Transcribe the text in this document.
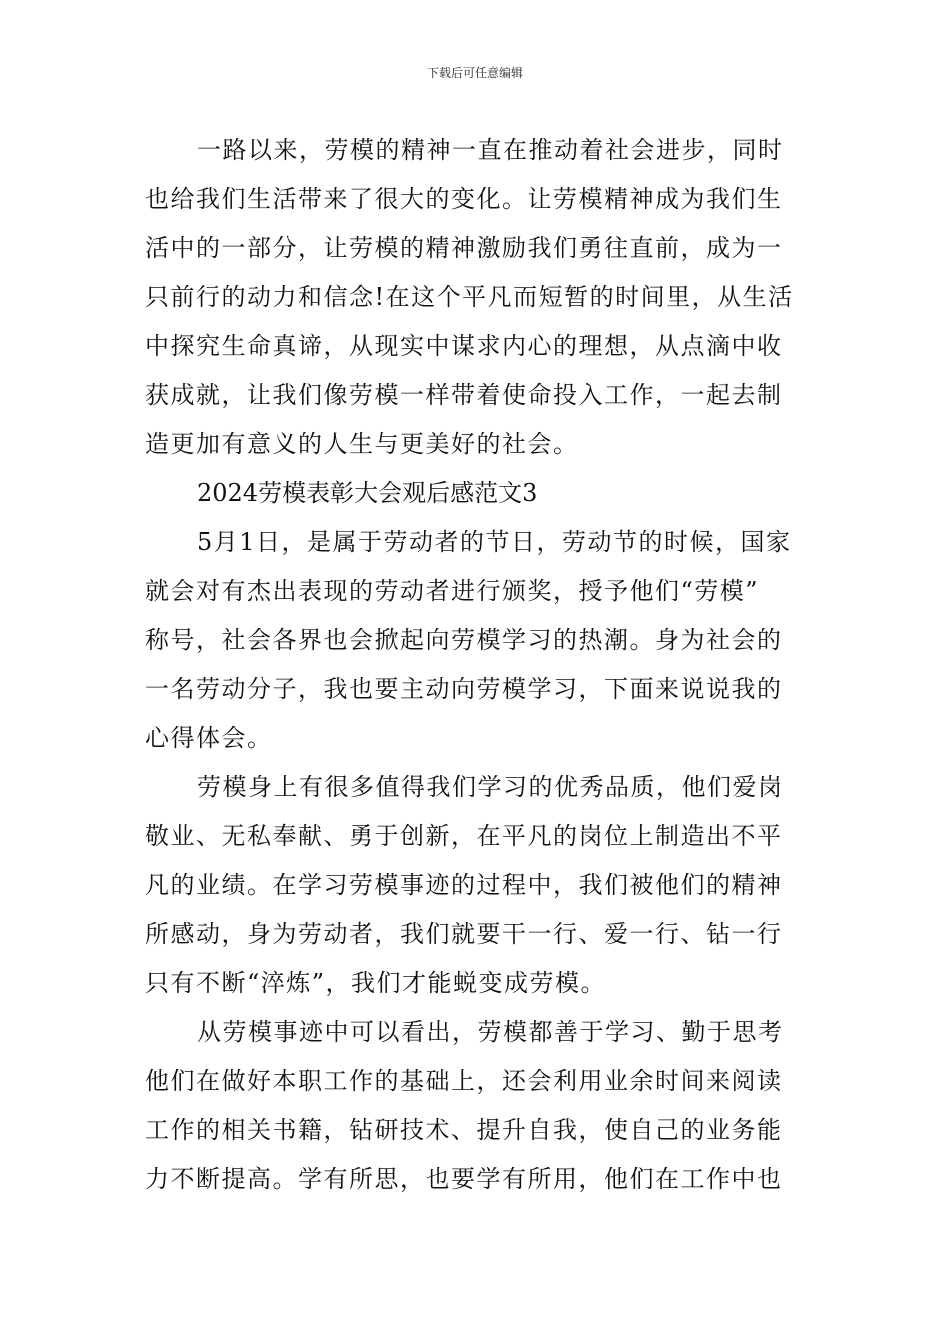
下载后可任意编辑

一路以来，劳模的精神一直在推动着社会进步，同时
也给我们生活带来了很大的变化。让劳模精神成为我们生
活中的一部分，让劳模的精神激励我们勇往直前，成为一
只前行的动力和信念!在这个平凡而短暂的时间里，从生活
中探究生命真谛，从现实中谋求内心的理想，从点滴中收
获成就，让我们像劳模一样带着使命投入工作，一起去制
造更加有意义的人生与更美好的社会。

2024劳模表彰大会观后感范文3

5月1日，是属于劳动者的节日，劳动节的时候，国家
就会对有杰出表现的劳动者进行颁奖，授予他们“劳模”
称号，社会各界也会掀起向劳模学习的热潮。身为社会的
一名劳动分子，我也要主动向劳模学习，下面来说说我的
心得体会。

劳模身上有很多值得我们学习的优秀品质，他们爱岗
敬业、无私奉献、勇于创新，在平凡的岗位上制造出不平
凡的业绩。在学习劳模事迹的过程中，我们被他们的精神
所感动，身为劳动者，我们就要干一行、爱一行、钻一行
只有不断“淬炼”，我们才能蜕变成劳模。

从劳模事迹中可以看出，劳模都善于学习、勤于思考
他们在做好本职工作的基础上，还会利用业余时间来阅读
工作的相关书籍，钻研技术、提升自我，使自己的业务能
力不断提高。学有所思，也要学有所用，他们在工作中也
